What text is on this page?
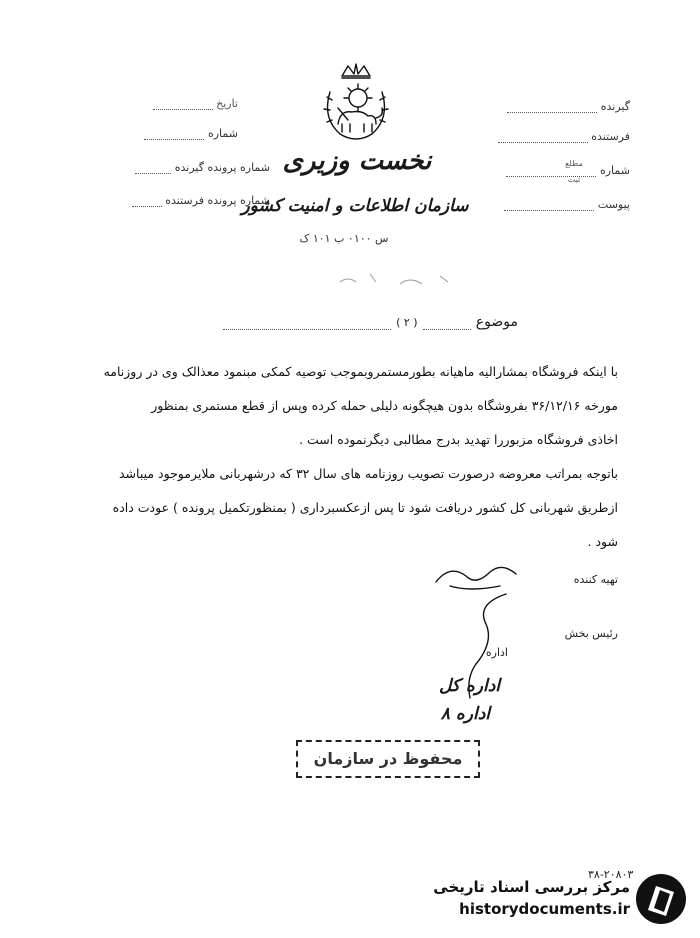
نخست وزیری
سازمان اطلاعات و امنیت کشور
س ۰۱۰۰ ب ۱۰۱ ک
تاریخ
شماره
شماره پرونده گیرنده
شماره پرونده فرستنده
گیرنده
فرستنده
شماره
مطلع
ثبت
پیوست
موضوع  ( ۲ )
با اینکه فروشگاه بمشارالیه ماهیانه بطورمستمروبموجب توصیه کمکی مبنمود معذالک وی در روزنامه
مورخه ۳۶/۱۲/۱۶ بفروشگاه بدون هیچگونه دلیلی حمله کرده وپس از قطع مستمری بمنظور
اخاذی فروشگاه مزبوررا تهدید بدرج مطالبی دیگرنموده است .
باتوجه بمراتب معروضه درصورت تصویب روزنامه های سال ۳۲ که درشهربانی ملایرموجود میباشد
ازطریق شهربانی کل کشور دریافت شود تا پس ازعکسبرداری ( بمنظورتکمیل پرونده ) عودت داده
شود .
تهیه کننده
رئیس بخش
اداره
اداره کل
اداره ۸
محفوظ در سازمان
۳۸-۲۰۸۰۳
مرکز بررسی اسناد تاریخی
historydocuments.ir
